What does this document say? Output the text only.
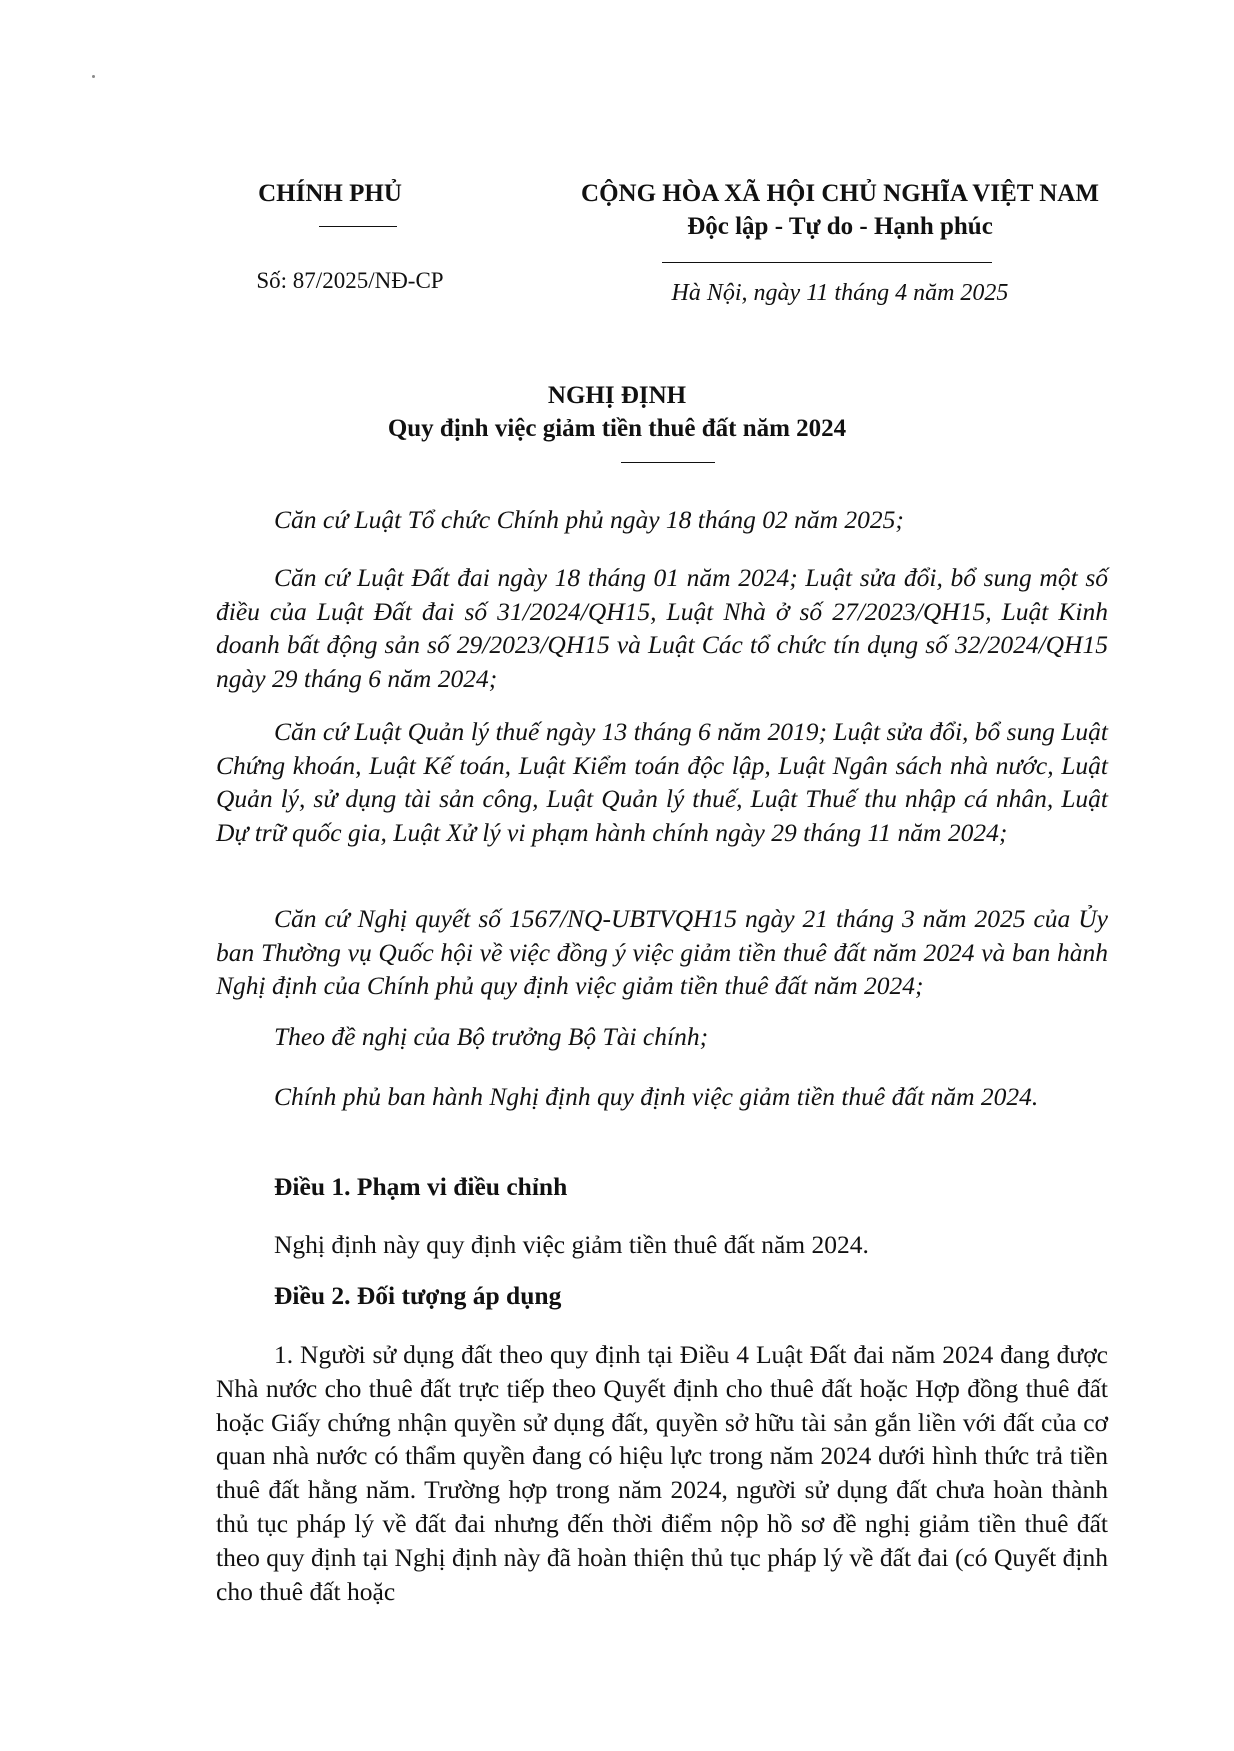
CHÍNH PHỦ
Số: 87/2025/NĐ-CP
CỘNG HÒA XÃ HỘI CHỦ NGHĨA VIỆT NAM
Độc lập - Tự do - Hạnh phúc
Hà Nội, ngày 11 tháng 4 năm 2025
NGHỊ ĐỊNH
Quy định việc giảm tiền thuê đất năm 2024
Căn cứ Luật Tổ chức Chính phủ ngày 18 tháng 02 năm 2025;
Căn cứ Luật Đất đai ngày 18 tháng 01 năm 2024; Luật sửa đổi, bổ sung một số điều của Luật Đất đai số 31/2024/QH15, Luật Nhà ở số 27/2023/QH15, Luật Kinh doanh bất động sản số 29/2023/QH15 và Luật Các tổ chức tín dụng số 32/2024/QH15 ngày 29 tháng 6 năm 2024;
Căn cứ Luật Quản lý thuế ngày 13 tháng 6 năm 2019; Luật sửa đổi, bổ sung Luật Chứng khoán, Luật Kế toán, Luật Kiểm toán độc lập, Luật Ngân sách nhà nước, Luật Quản lý, sử dụng tài sản công, Luật Quản lý thuế, Luật Thuế thu nhập cá nhân, Luật Dự trữ quốc gia, Luật Xử lý vi phạm hành chính ngày 29 tháng 11 năm 2024;
Căn cứ Nghị quyết số 1567/NQ-UBTVQH15 ngày 21 tháng 3 năm 2025 của Ủy ban Thường vụ Quốc hội về việc đồng ý việc giảm tiền thuê đất năm 2024 và ban hành Nghị định của Chính phủ quy định việc giảm tiền thuê đất năm 2024;
Theo đề nghị của Bộ trưởng Bộ Tài chính;
Chính phủ ban hành Nghị định quy định việc giảm tiền thuê đất năm 2024.
Điều 1. Phạm vi điều chỉnh
Nghị định này quy định việc giảm tiền thuê đất năm 2024.
Điều 2. Đối tượng áp dụng
1. Người sử dụng đất theo quy định tại Điều 4 Luật Đất đai năm 2024 đang được Nhà nước cho thuê đất trực tiếp theo Quyết định cho thuê đất hoặc Hợp đồng thuê đất hoặc Giấy chứng nhận quyền sử dụng đất, quyền sở hữu tài sản gắn liền với đất của cơ quan nhà nước có thẩm quyền đang có hiệu lực trong năm 2024 dưới hình thức trả tiền thuê đất hằng năm. Trường hợp trong năm 2024, người sử dụng đất chưa hoàn thành thủ tục pháp lý về đất đai nhưng đến thời điểm nộp hồ sơ đề nghị giảm tiền thuê đất theo quy định tại Nghị định này đã hoàn thiện thủ tục pháp lý về đất đai (có Quyết định cho thuê đất hoặc
